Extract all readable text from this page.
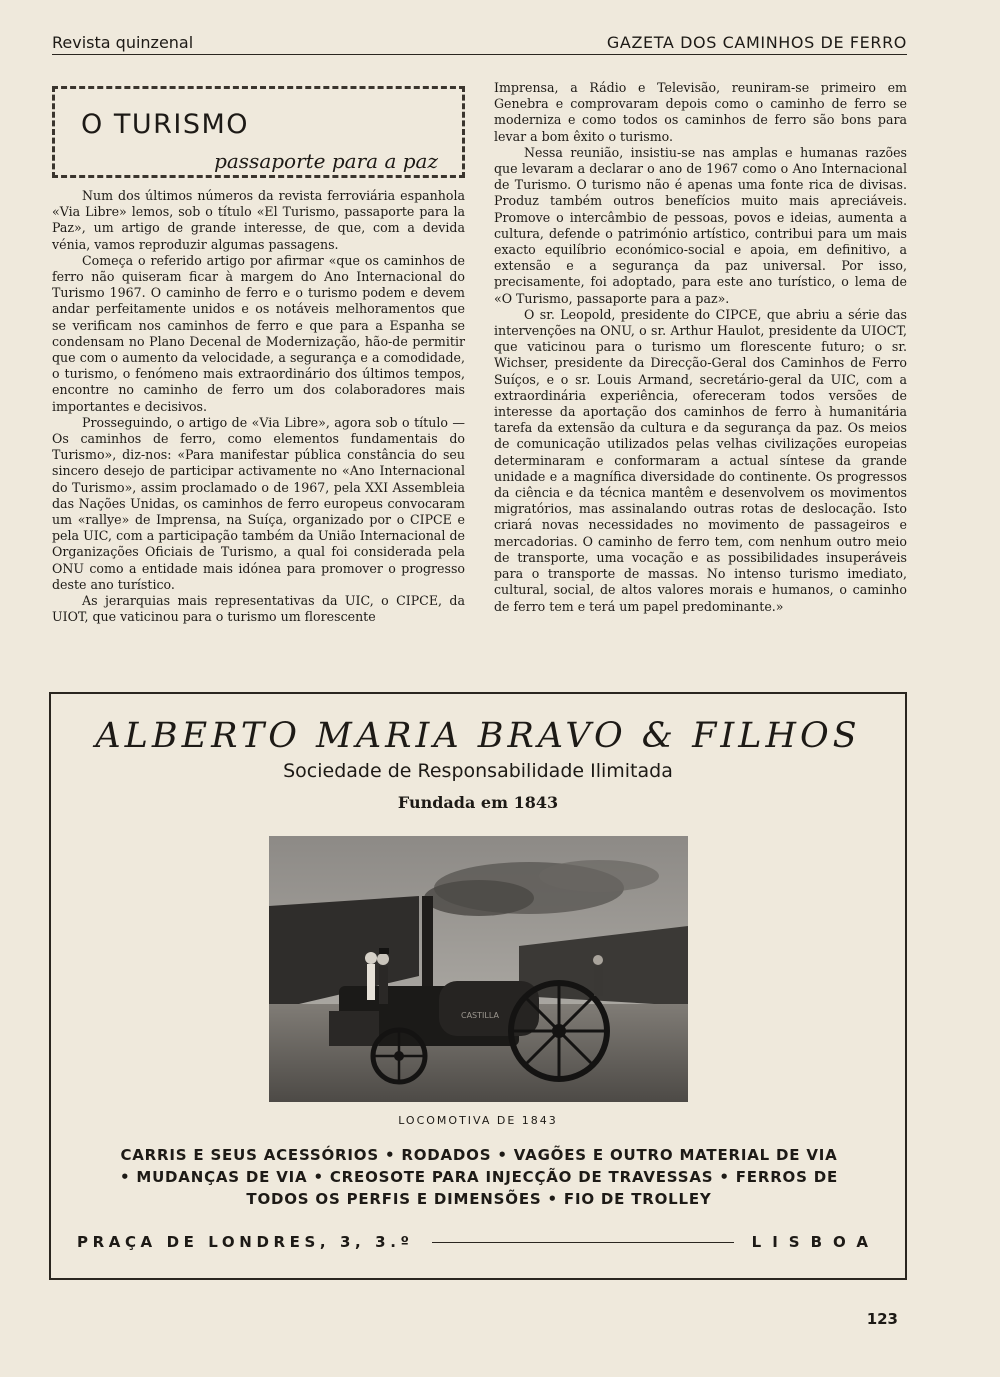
Revista quinzenal	GAZETA DOS CAMINHOS DE FERRO
O TURISMO
passaporte para a paz

Num dos últimos números da revista ferroviária espanhola «Via Libre» lemos, sob o título «El Turismo, passaporte para la Paz», um artigo de grande interesse, de que, com a devida vénia, vamos reproduzir algumas passagens.

Começa o referido artigo por afirmar «que os caminhos de ferro não quiseram ficar à margem do Ano Internacional do Turismo 1967. O caminho de ferro e o turismo podem e devem andar perfeitamente unidos e os notáveis melhoramentos que se verificam nos caminhos de ferro e que para a Espanha se condensam no Plano Decenal de Modernização, hão-de permitir que com o aumento da velocidade, a segurança e a comodidade, o turismo, o fenómeno mais extraordinário dos últimos tempos, encontre no caminho de ferro um dos colaboradores mais importantes e decisivos.

Prosseguindo, o artigo de «Via Libre», agora sob o título — Os caminhos de ferro, como elementos fundamentais do Turismo», diz-nos: «Para manifestar pública constância do seu sincero desejo de participar activamente no «Ano Internacional do Turismo», assim proclamado o de 1967, pela XXI Assembleia das Nações Unidas, os caminhos de ferro europeus convocaram um «rallye» de Imprensa, na Suíça, organizado por o CIPCE e pela UIC, com a participação também da União Internacional de Organizações Oficiais de Turismo, a qual foi considerada pela ONU como a entidade mais idónea para promover o progresso deste ano turístico.

As jerarquias mais representativas da UIC, o CIPCE, da UIOT, que vaticinou para o turismo um florescente

Imprensa, a Rádio e Televisão, reuniram-se primeiro em Genebra e comprovaram depois como o caminho de ferro se moderniza e como todos os caminhos de ferro são bons para levar a bom êxito o turismo.

Nessa reunião, insistiu-se nas amplas e humanas razões que levaram a declarar o ano de 1967 como o Ano Internacional de Turismo. O turismo não é apenas uma fonte rica de divisas. Produz também outros benefícios muito mais apreciáveis. Promove o intercâmbio de pessoas, povos e ideias, aumenta a cultura, defende o património artístico, contribui para um mais exacto equilíbrio económico-social e apoia, em definitivo, a extensão e a segurança da paz universal. Por isso, precisamente, foi adoptado, para este ano turístico, o lema de «O Turismo, passaporte para a paz».

O sr. Leopold, presidente do CIPCE, que abriu a série das intervenções na ONU, o sr. Arthur Haulot, presidente da UIOCT, que vaticinou para o turismo um florescente futuro; o sr. Wichser, presidente da Direcção-Geral dos Caminhos de Ferro Suíços, e o sr. Louis Armand, secretário-geral da UIC, com a extraordinária experiência, ofereceram todos versões de interesse da aportação dos caminhos de ferro à humanitária tarefa da extensão da cultura e da segurança da paz. Os meios de comunicação utilizados pelas velhas civilizações europeias determinaram e conformaram a actual síntese da grande unidade e a magnífica diversidade do continente. Os progressos da ciência e da técnica mantêm e desenvolvem os movimentos migratórios, mas assinalando outras rotas de deslocação. Isto criará novas necessidades no movimento de passageiros e mercadorias. O caminho de ferro tem, com nenhum outro meio de transporte, uma vocação e as possibilidades insuperáveis para o transporte de massas. No intenso turismo imediato, cultural, social, de altos valores morais e humanos, o caminho de ferro tem e terá um papel predominante.»

ALBERTO MARIA BRAVO & FILHOS
Sociedade de Responsabilidade Ilimitada
Fundada em 1843
CASTILLA
LOCOMOTIVA DE 1843
CARRIS E SEUS ACESSÓRIOS • RODADOS • VAGÕES E OUTRO MATERIAL DE VIA
• MUDANÇAS DE VIA • CREOSOTE PARA INJECÇÃO DE TRAVESSAS • FERROS DE
TODOS OS PERFIS E DIMENSÕES • FIO DE TROLLEY
PRAÇA DE LONDRES, 3, 3.º	LISBOA
123
